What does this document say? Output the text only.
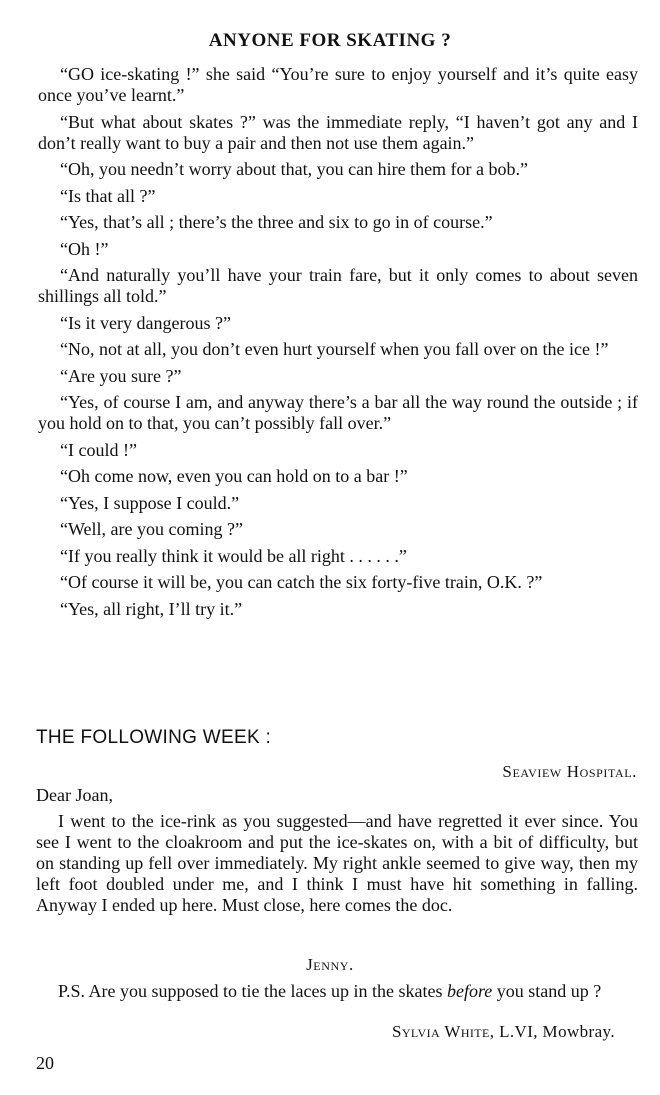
ANYONE FOR SKATING ?

“GO ice-skating !” she said “You’re sure to enjoy yourself and it’s quite easy once you’ve learnt.”

“But what about skates ?” was the immediate reply, “I haven’t got any and I don’t really want to buy a pair and then not use them again.”

“Oh, you needn’t worry about that, you can hire them for a bob.”

“Is that all ?”

“Yes, that’s all ; there’s the three and six to go in of course.”

“Oh !”

“And naturally you’ll have your train fare, but it only comes to about seven shillings all told.”

“Is it very dangerous ?”

“No, not at all, you don’t even hurt yourself when you fall over on the ice !”

“Are you sure ?”

“Yes, of course I am, and anyway there’s a bar all the way round the outside ; if you hold on to that, you can’t possibly fall over.”

“I could !”

“Oh come now, even you can hold on to a bar !”

“Yes, I suppose I could.”

“Well, are you coming ?”

“If you really think it would be all right . . . . . .”

“Of course it will be, you can catch the six forty-five train, O.K. ?”

“Yes, all right, I’ll try it.”

THE FOLLOWING WEEK :
Seaview Hospital.
Dear Joan,

I went to the ice-rink as you suggested—and have regretted it ever since. You see I went to the cloakroom and put the ice-skates on, with a bit of difficulty, but on standing up fell over immediately. My right ankle seemed to give way, then my left foot doubled under me, and I think I must have hit something in falling. Anyway I ended up here. Must close, here comes the doc.

Jenny.

P.S. Are you supposed to tie the laces up in the skates before you stand up ?

Sylvia White, L.VI, Mowbray.
20
